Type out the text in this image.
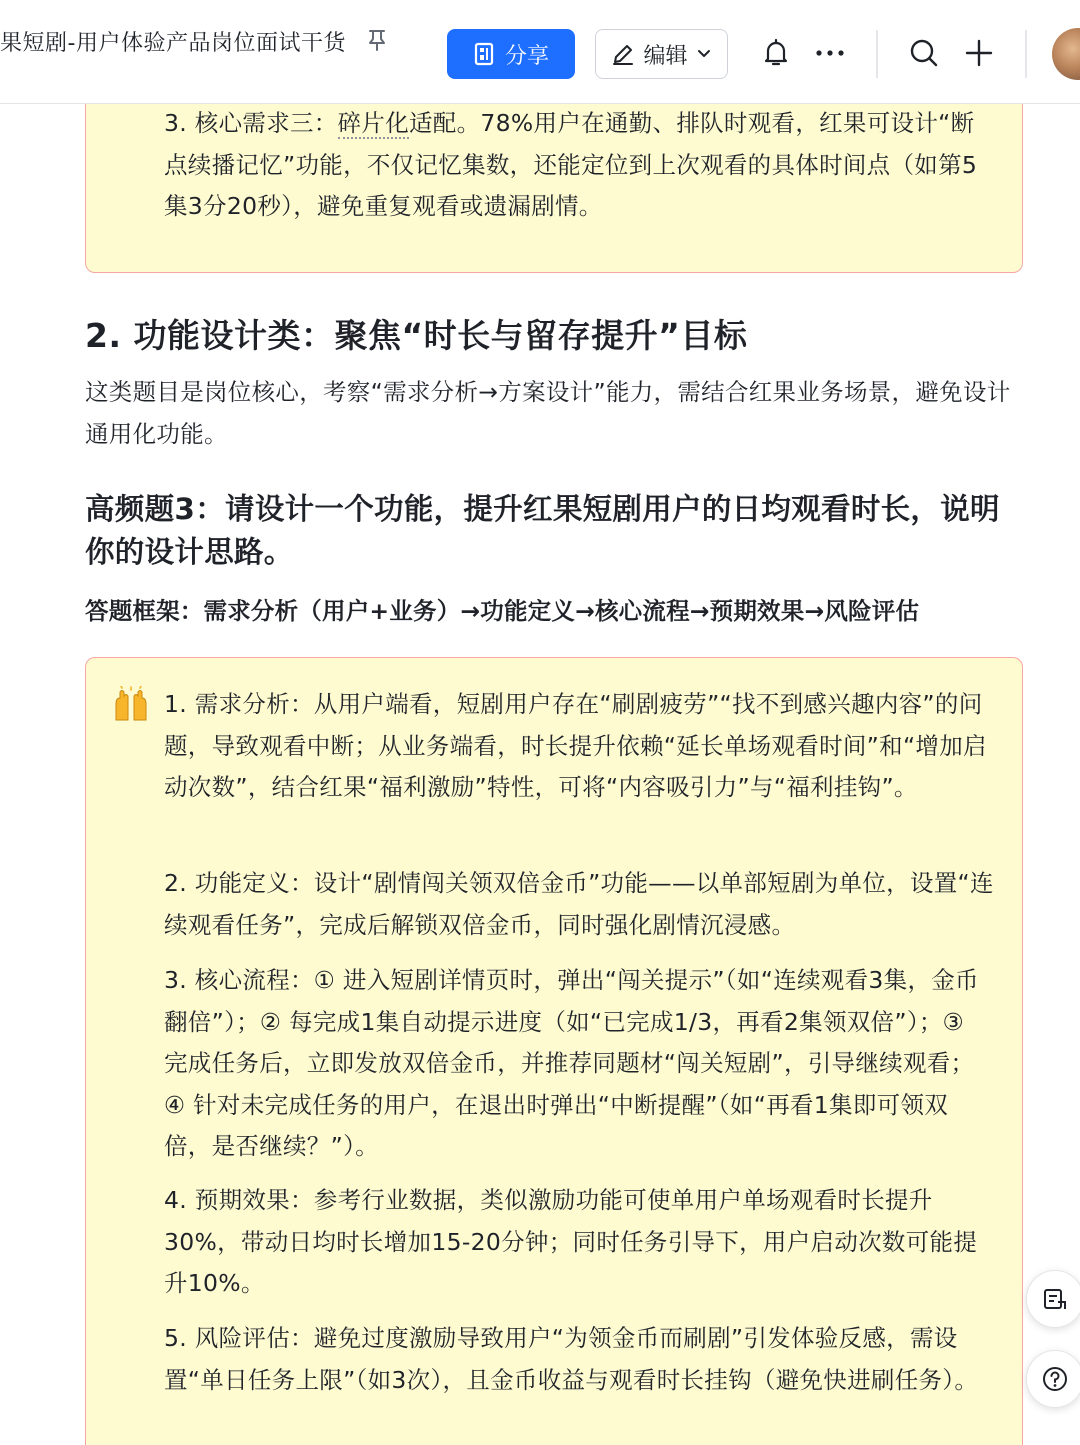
果短剧-用户体验产品岗位面试干货	分享	编辑
3. 核心需求三：碎片化适配。78%用户在通勤、排队时观看，红果可设计“断点续播记忆”功能，不仅记忆集数，还能定位到上次观看的具体时间点（如第5集3分20秒），避免重复观看或遗漏剧情。
2. 功能设计类：聚焦“时长与留存提升”目标
这类题目是岗位核心，考察“需求分析→方案设计”能力，需结合红果业务场景，避免设计通用化功能。
高频题3：请设计一个功能，提升红果短剧用户的日均观看时长，说明你的设计思路。
答题框架：需求分析（用户+业务）→功能定义→核心流程→预期效果→风险评估
1. 需求分析：从用户端看，短剧用户存在“刷剧疲劳”“找不到感兴趣内容”的问题，导致观看中断；从业务端看，时长提升依赖“延长单场观看时间”和“增加启动次数”，结合红果“福利激励”特性，可将“内容吸引力”与“福利挂钩”。
2. 功能定义：设计“剧情闯关领双倍金币”功能——以单部短剧为单位，设置“连续观看任务”，完成后解锁双倍金币，同时强化剧情沉浸感。
3. 核心流程：① 进入短剧详情页时，弹出“闯关提示”（如“连续观看3集，金币翻倍”）；② 每完成1集自动提示进度（如“已完成1/3，再看2集领双倍”）；③ 完成任务后，立即发放双倍金币，并推荐同题材“闯关短剧”，引导继续观看；④ 针对未完成任务的用户，在退出时弹出“中断提醒”（如“再看1集即可领双倍，是否继续？”）。
4. 预期效果：参考行业数据，类似激励功能可使单用户单场观看时长提升30%，带动日均时长增加15-20分钟；同时任务引导下，用户启动次数可能提升10%。
5. 风险评估：避免过度激励导致用户“为领金币而刷剧”引发体验反感，需设置“单日任务上限”（如3次），且金币收益与观看时长挂钩（避免快进刷任务）。
